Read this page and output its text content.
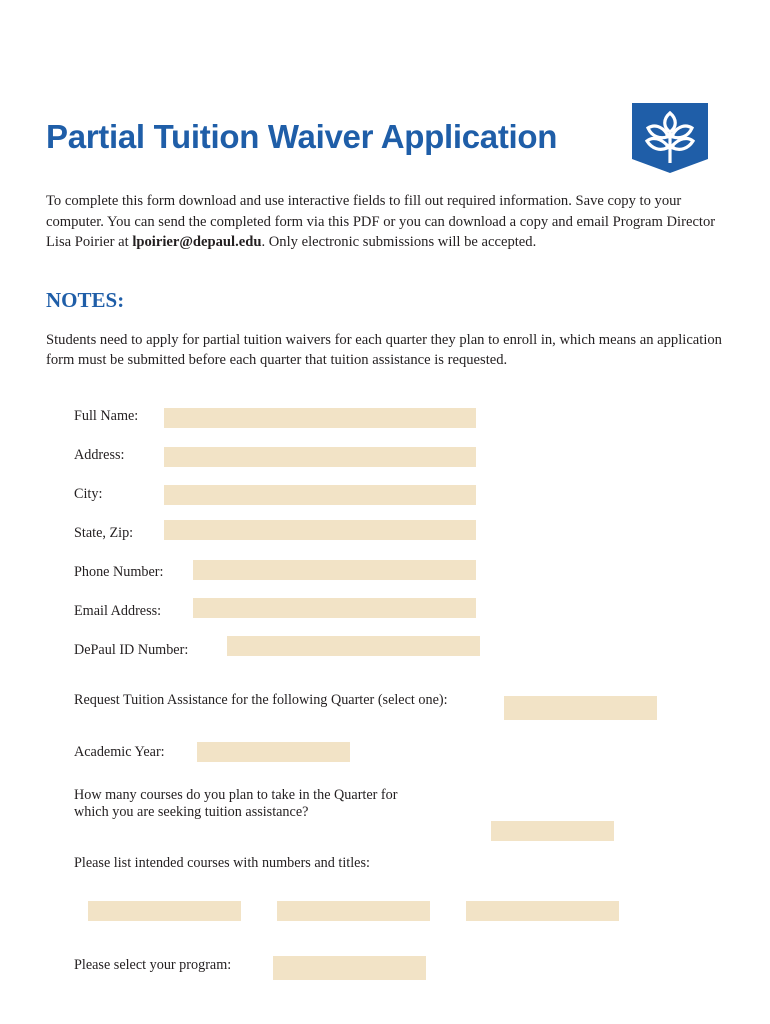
Partial Tuition Waiver Application

To complete this form download and use interactive fields to fill out required information. Save copy to your computer. You can send the completed form via this PDF or you can download a copy and email Program Director Lisa Poirier at lpoirier@depaul.edu. Only electronic submissions will be accepted.

NOTES:

Students need to apply for partial tuition waivers for each quarter they plan to enroll in, which means an application form must be submitted before each quarter that tuition assistance is requested.

Full Name:
Address:
City:
State, Zip:
Phone Number:
Email Address:
DePaul ID Number:
Request Tuition Assistance for the following Quarter (select one):
Academic Year:
How many courses do you plan to take in the Quarter for
which you are seeking tuition assistance?
Please list intended courses with numbers and titles:
Please select your program:
